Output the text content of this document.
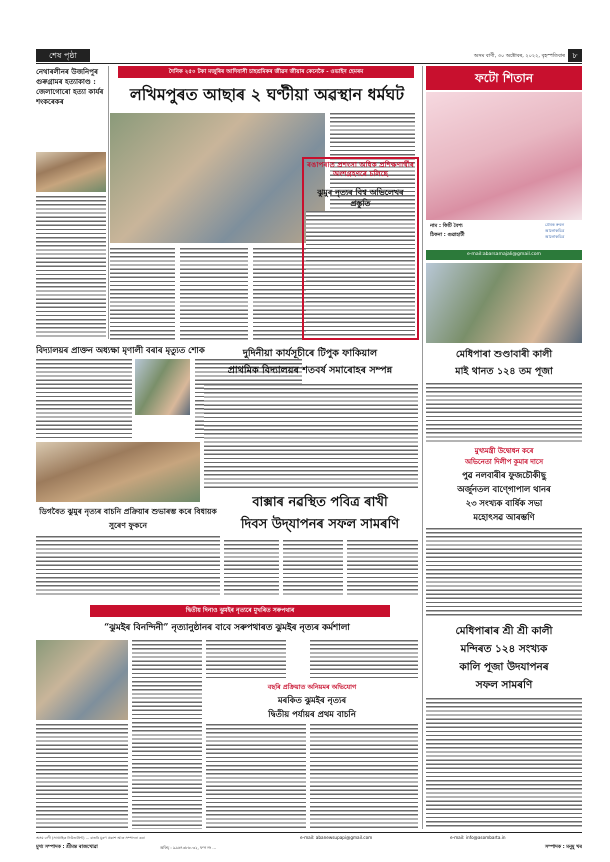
শেষ পৃষ্ঠা	অসম বাণী, ৩০ অক্টোবৰ, ২০২২, বৃহস্পতিবাৰ ৮
নেথাৰলীনৰ উজনিপুৰ গুৰুগ্ৰামৰ হত্যাকাণ্ড : জেলাগোৰো হত্যা কাৰ্যৰ শংকৰেকৰ
দৈনিক ২৫০ টকা মজুৰিৰ আদিবাসী চাহশ্ৰমিকৰ জীৱন জীয়াৰ কেনেকৈ - ওভাইন হেমৰম
লখিমপুৰত আছাৰ ২ ঘণ্টীয়া অৱস্থান ধৰ্মঘট
ৰঙাপৰাত প্ৰশংসা অধিক প্ৰশিক্ষণাৰ্থীৰ অংশগ্ৰহণৰে চলিছে
ঝুমুৰ নৃত্যৰ বিশ্ব অভিলেখৰ প্ৰস্তুতি
বিদ্যালয়ৰ প্ৰাক্তন অধ্যক্ষা মৃণালী বৰাৰ মৃত্যুত শোক	দুদিনীয়া কাৰ্যসূচীৰে টিপুক ফাকিয়াল
প্ৰাথমিক বিদ্যালয়ৰ শতবৰ্ষ সমাৰোহৰ সম্পন্ন
ডিগবৈত ঝুমুৰ নৃত্যৰ বাচনি প্ৰক্ৰিয়াৰ শুভাৰম্ভ কৰে বিধায়ক সুৰেণ ফুকনে
বাক্সাৰ নৱস্থিত পবিত্ৰ ৰাখী
দিবস উদ্‌যাপনৰ সফল সামৰণি
দ্বিতীয় দিনাও ঝুমইৰ নৃত্যৰে মুখৰিত সৰুপথাৰ
“ঝুমইৰ বিনন্দিনী” নৃত্যানুষ্ঠানৰ বাবে সৰুপথাৰত ঝুমইৰ নৃত্যৰ কৰ্মশালা
বছৰি প্ৰক্ৰিয়াত অনিয়মৰ অভিযোগ
মৰকিত ঝুমইৰ নৃত্যৰ
দ্বিতীয় পৰ্যায়ৰ প্ৰথম বাচনি
ফটো শিতান
নাম : কিটি বৈশ্য
ঠিকনা : গুৱাহাটী
প্ৰেৰক ৰুবল আলোকচিত্ৰ আলোকচিত্ৰ
e-mail:abarsamajali@gmail.com
মেধিপাৰা শুণ্ডাবাৰী কালী
মাই থানত ১২৪ তম পূজা
মুখ্যমন্ত্ৰী উদ্বোধন কৰে
অভিনেতা দিলীপ কুমাৰ দাসে
পুৱ নলবাৰীৰ ফুজচৌকীছু
অৰ্জুনতল বাণ্গোপাল থানৰ
২৩ সংখ্যক বাৰ্ষিক সভা
মহোৎসৱ আৰম্ভণি
মেধিপাৰাৰ শ্ৰী শ্ৰী কালী
মন্দিৰত ১২৪ সংখ্যক
কালি পূজা উদযাপনৰ
সফল সামৰণি
অসম বাণী (সাপ্তাহিক নিউজপ্ৰিন্ট) ... বাতৰি মুদ্ৰণ প্ৰকাশ আৰু সম্পাদনা কৰা	e-mail: abanewsupapi@gmail.com	e-mail: info@asombarta.in
মুখ্য সম্পাদক : শ্ৰীমন্ত ৰাজখোৱা	অফিচ্ : ৯৯৬৭৩৮৬০৩২, ফ'ন নং ...	সম্পাদক : মনুমু খৰ
